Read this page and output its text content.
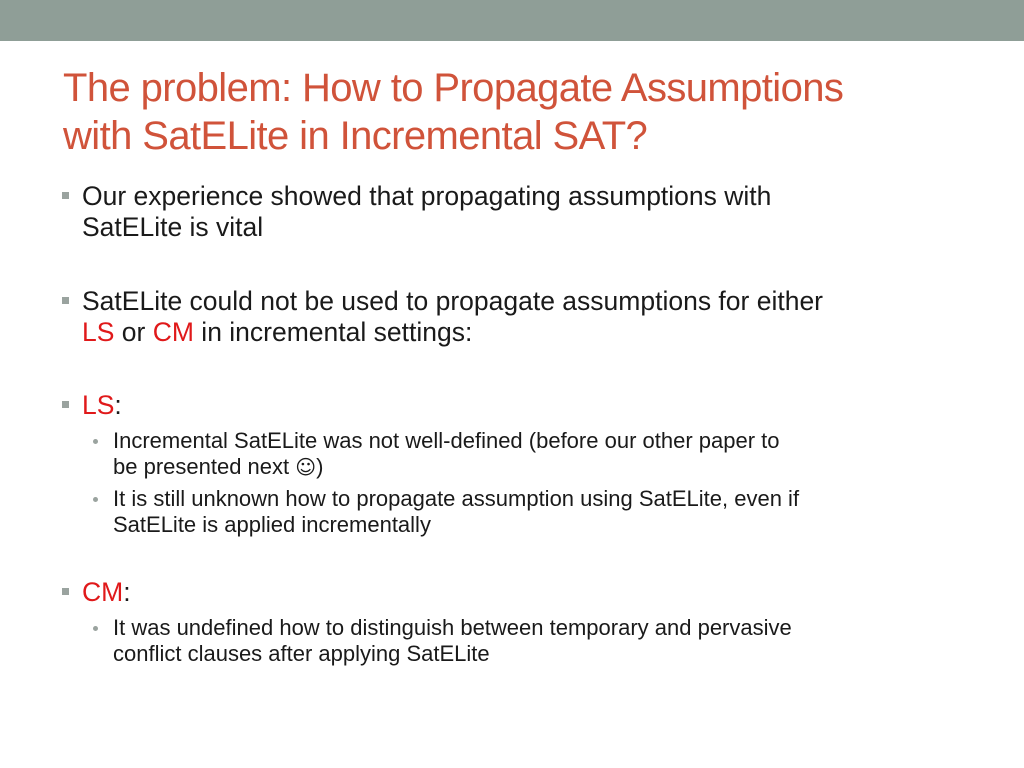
The problem: How to Propagate Assumptions
with SatELite in Incremental SAT?
Our experience showed that propagating assumptions with
SatELite is vital
SatELite could not be used to propagate assumptions for either
LS or CM in incremental settings:
LS:
Incremental SatELite was not well-defined (before our other paper to
be presented next ☺)
It is still unknown how to propagate assumption using SatELite, even if
SatELite is applied incrementally
CM:
It was undefined how to distinguish between temporary and pervasive
conflict clauses after applying SatELite
